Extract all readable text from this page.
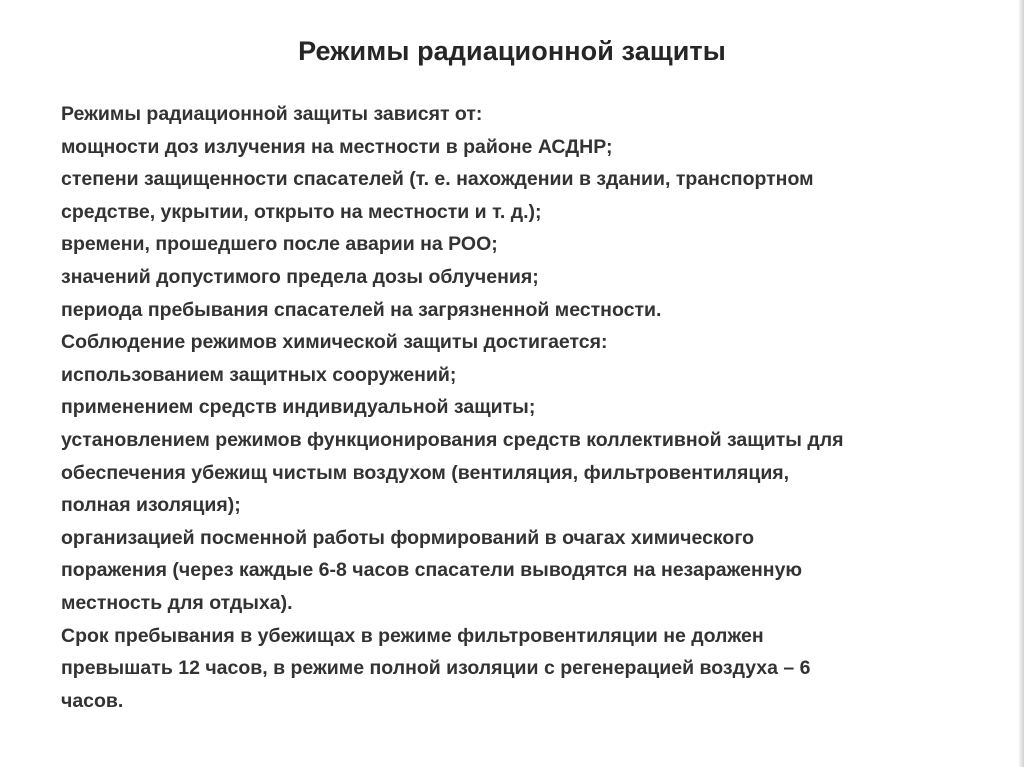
Режимы радиационной защиты
Режимы радиационной защиты зависят от:
мощности доз излучения на местности в районе АСДНР;
степени защищенности спасателей (т. е. нахождении в здании, транспортном
средстве, укрытии, открыто на местности и т. д.);
времени, прошедшего после аварии на РОО;
значений допустимого предела дозы облучения;
периода пребывания спасателей на загрязненной местности.
Соблюдение режимов химической защиты достигается:
использованием защитных сооружений;
применением средств индивидуальной защиты;
установлением режимов функционирования средств коллективной защиты для
обеспечения убежищ чистым воздухом (вентиляция, фильтровентиляция,
полная изоляция);
организацией посменной работы формирований в очагах химического
поражения (через каждые 6-8 часов спасатели выводятся на незараженную
местность для отдыха).
Срок пребывания в убежищах в режиме фильтровентиляции не должен
превышать 12 часов, в режиме полной изоляции с регенерацией воздуха – 6
часов.
